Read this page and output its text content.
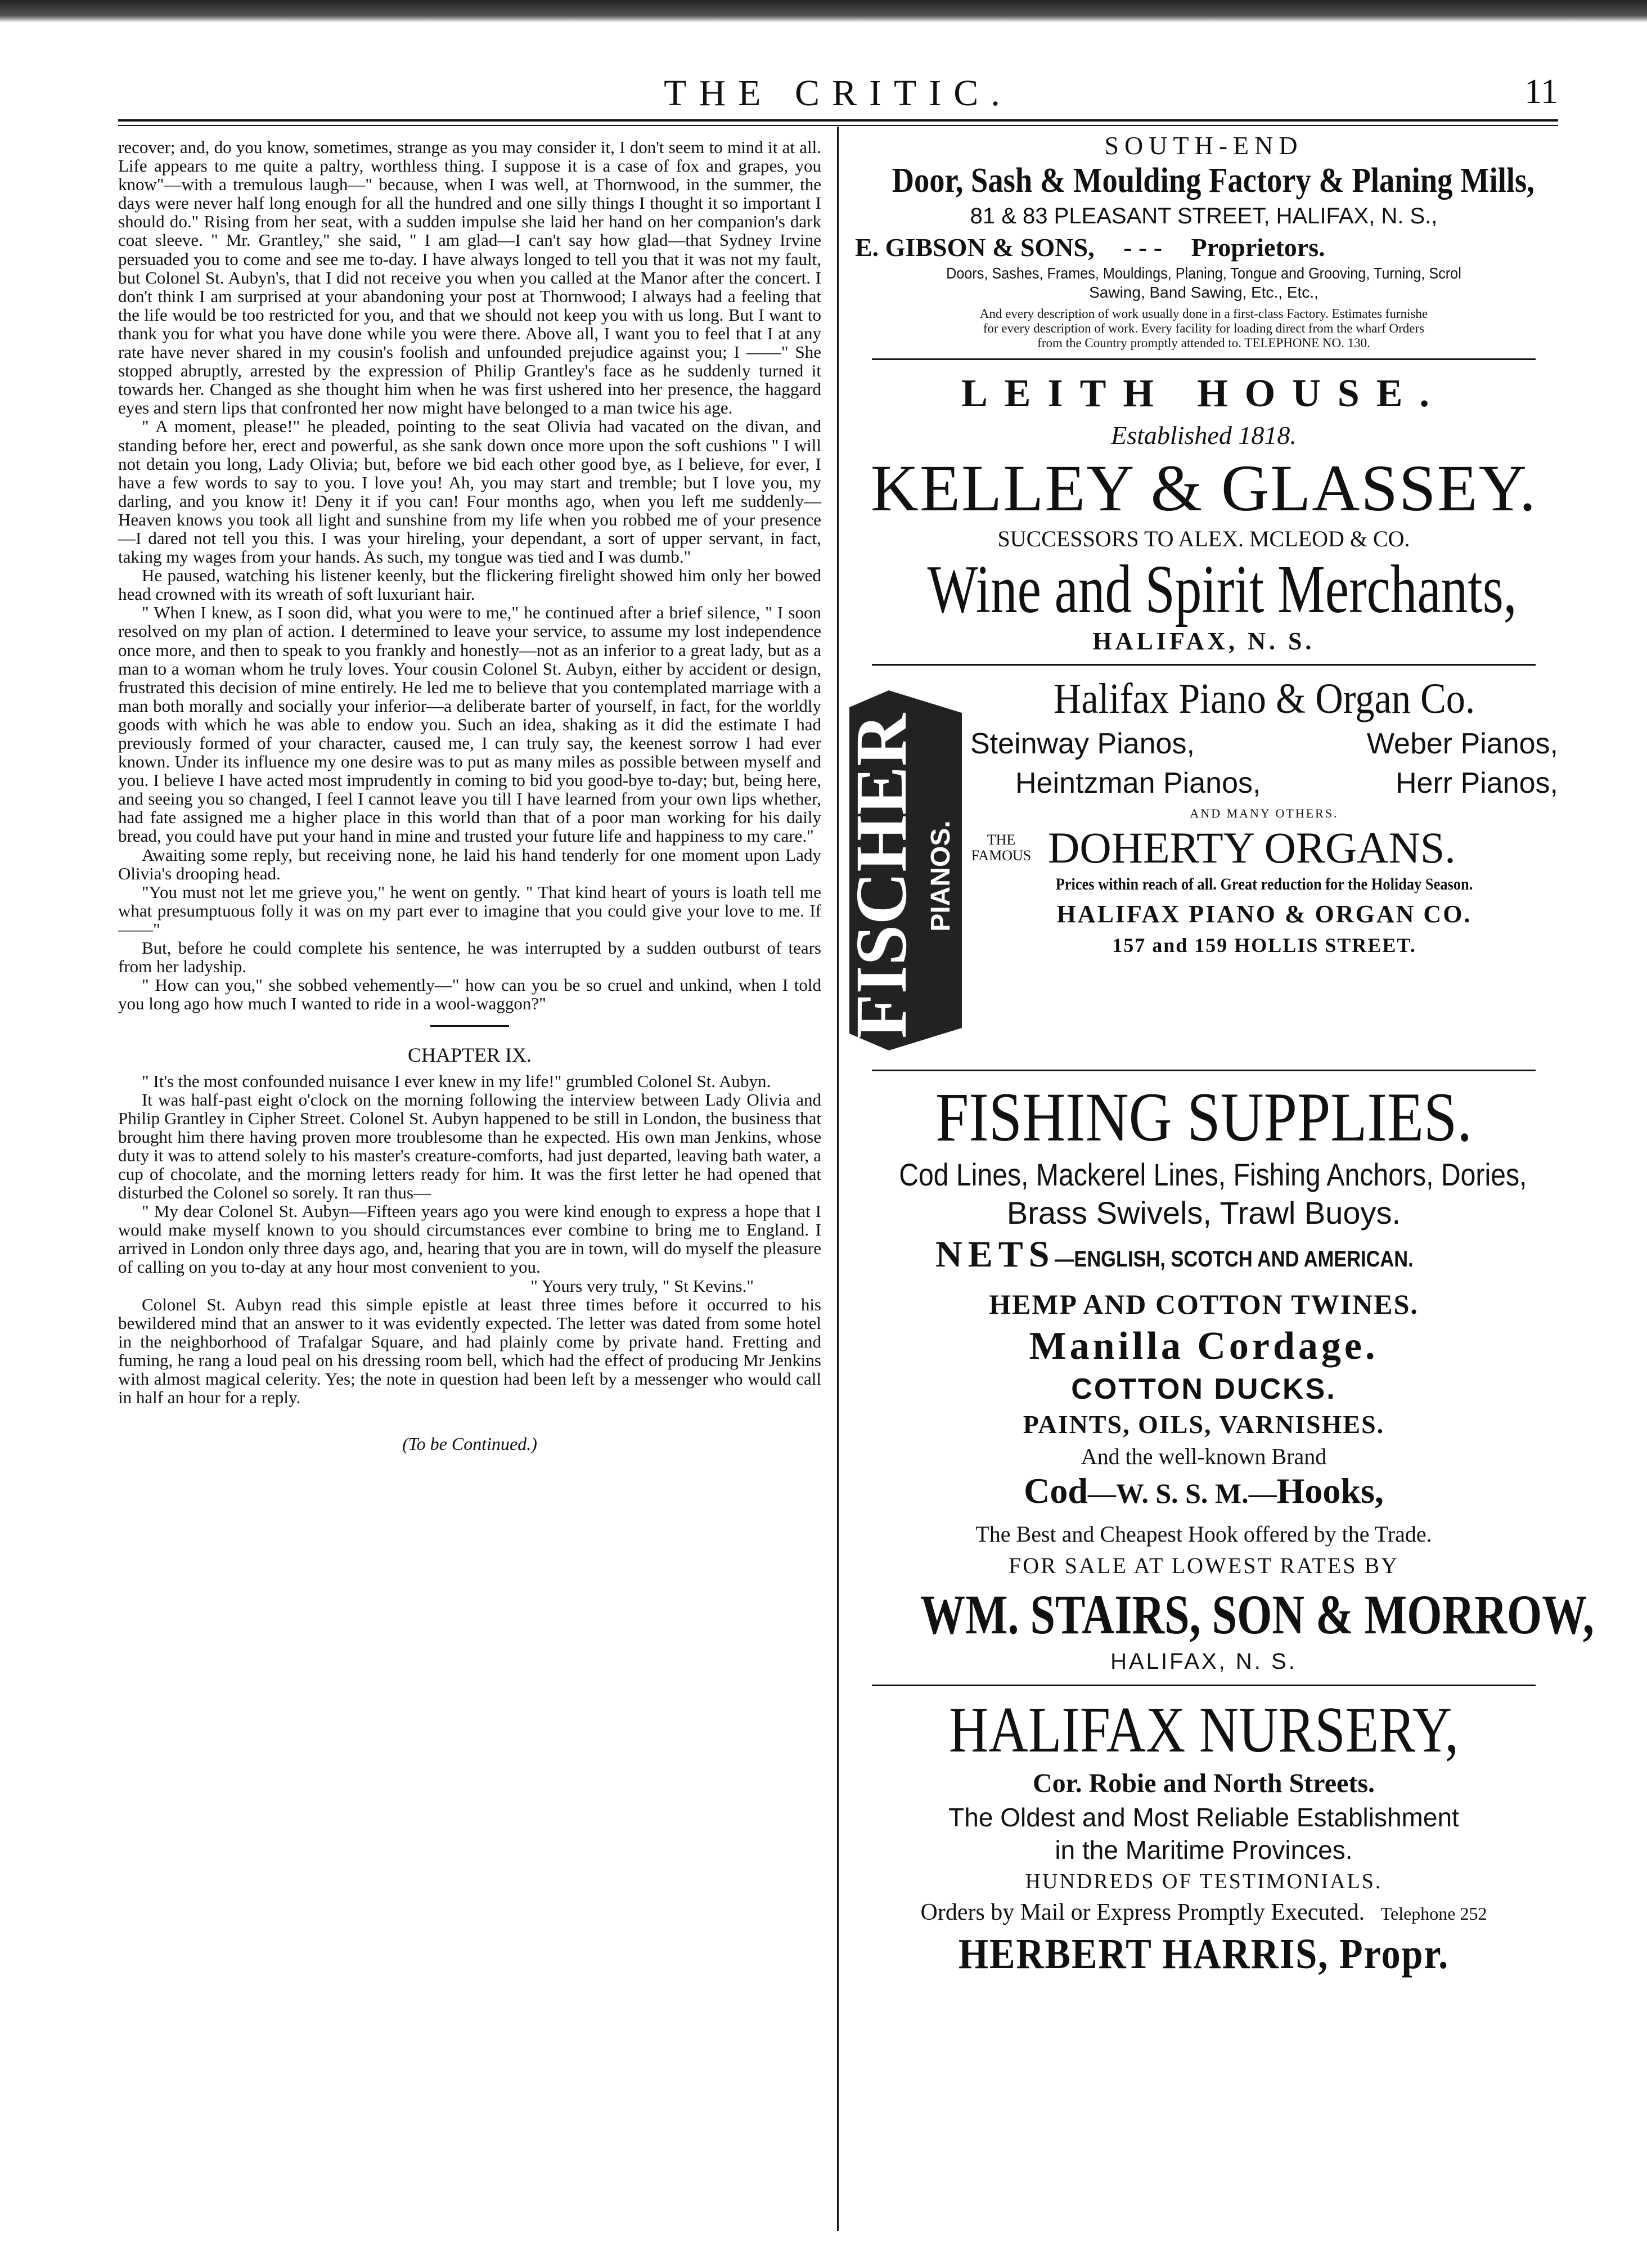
THE CRITIC.	11

recover; and, do you know, sometimes, strange as you may consider it, I don't seem to mind it at all. Life appears to me quite a paltry, worthless thing. I suppose it is a case of fox and grapes, you know"—with a tremulous laugh—" because, when I was well, at Thornwood, in the summer, the days were never half long enough for all the hundred and one silly things I thought it so important I should do." Rising from her seat, with a sudden impulse she laid her hand on her companion's dark coat sleeve. " Mr. Grantley," she said, " I am glad—I can't say how glad—that Sydney Irvine persuaded you to come and see me to-day. I have always longed to tell you that it was not my fault, but Colonel St. Aubyn's, that I did not receive you when you called at the Manor after the concert. I don't think I am surprised at your abandoning your post at Thornwood; I always had a feeling that the life would be too restricted for you, and that we should not keep you with us long. But I want to thank you for what you have done while you were there. Above all, I want you to feel that I at any rate have never shared in my cousin's foolish and unfounded prejudice against you; I ——" She stopped abruptly, arrested by the expression of Philip Grantley's face as he suddenly turned it towards her. Changed as she thought him when he was first ushered into her presence, the haggard eyes and stern lips that confronted her now might have belonged to a man twice his age.

" A moment, please!" he pleaded, pointing to the seat Olivia had vacated on the divan, and standing before her, erect and powerful, as she sank down once more upon the soft cushions " I will not detain you long, Lady Olivia; but, before we bid each other good bye, as I believe, for ever, I have a few words to say to you. I love you! Ah, you may start and tremble; but I love you, my darling, and you know it! Deny it if you can! Four months ago, when you left me suddenly—Heaven knows you took all light and sunshine from my life when you robbed me of your presence—I dared not tell you this. I was your hireling, your dependant, a sort of upper servant, in fact, taking my wages from your hands. As such, my tongue was tied and I was dumb."

He paused, watching his listener keenly, but the flickering firelight showed him only her bowed head crowned with its wreath of soft luxuriant hair.

" When I knew, as I soon did, what you were to me," he continued after a brief silence, " I soon resolved on my plan of action. I determined to leave your service, to assume my lost independence once more, and then to speak to you frankly and honestly—not as an inferior to a great lady, but as a man to a woman whom he truly loves. Your cousin Colonel St. Aubyn, either by accident or design, frustrated this decision of mine entirely. He led me to believe that you contemplated marriage with a man both morally and socially your inferior—a deliberate barter of yourself, in fact, for the worldly goods with which he was able to endow you. Such an idea, shaking as it did the estimate I had previously formed of your character, caused me, I can truly say, the keenest sorrow I had ever known. Under its influence my one desire was to put as many miles as possible between myself and you. I believe I have acted most imprudently in coming to bid you good-bye to-day; but, being here, and seeing you so changed, I feel I cannot leave you till I have learned from your own lips whether, had fate assigned me a higher place in this world than that of a poor man working for his daily bread, you could have put your hand in mine and trusted your future life and happiness to my care."

Awaiting some reply, but receiving none, he laid his hand tenderly for one moment upon Lady Olivia's drooping head.

"You must not let me grieve you," he went on gently. " That kind heart of yours is loath tell me what presumptuous folly it was on my part ever to imagine that you could give your love to me. If ——"

But, before he could complete his sentence, he was interrupted by a sudden outburst of tears from her ladyship.

" How can you," she sobbed vehemently—" how can you be so cruel and unkind, when I told you long ago how much I wanted to ride in a wool-waggon?"

CHAPTER IX.

" It's the most confounded nuisance I ever knew in my life!" grumbled Colonel St. Aubyn.

It was half-past eight o'clock on the morning following the interview between Lady Olivia and Philip Grantley in Cipher Street. Colonel St. Aubyn happened to be still in London, the business that brought him there having proven more troublesome than he expected. His own man Jenkins, whose duty it was to attend solely to his master's creature-comforts, had just departed, leaving bath water, a cup of chocolate, and the morning letters ready for him. It was the first letter he had opened that disturbed the Colonel so sorely. It ran thus—

" My dear Colonel St. Aubyn—Fifteen years ago you were kind enough to express a hope that I would make myself known to you should circumstances ever combine to bring me to England. I arrived in London only three days ago, and, hearing that you are in town, will do myself the pleasure of calling on you to-day at any hour most convenient to you.

" Yours very truly, " St Kevins."

Colonel St. Aubyn read this simple epistle at least three times before it occurred to his bewildered mind that an answer to it was evidently expected. The letter was dated from some hotel in the neighborhood of Trafalgar Square, and had plainly come by private hand. Fretting and fuming, he rang a loud peal on his dressing room bell, which had the effect of producing Mr Jenkins with almost magical celerity. Yes; the note in question had been left by a messenger who would call in half an hour for a reply.

(To be Continued.)

SOUTH-END
Door, Sash & Moulding Factory & Planing Mills,
81 & 83 PLEASANT STREET, HALIFAX, N. S.,
E. GIBSON & SONS, - - - Proprietors.
Doors, Sashes, Frames, Mouldings, Planing, Tongue and Grooving, Turning, Scrol
Sawing, Band Sawing, Etc., Etc.,
And every description of work usually done in a first-class Factory. Estimates furnishe
for every description of work. Every facility for loading direct from the wharf Orders
from the Country promptly attended to. TELEPHONE NO. 130.
LEITH HOUSE.
Established 1818.
KELLEY & GLASSEY.
SUCCESSORS TO ALEX. MCLEOD & CO.
Wine and Spirit Merchants,
HALIFAX, N. S.
FISCHER PIANOS.
Halifax Piano & Organ Co.
Steinway Pianos,	Weber Pianos,
Heintzman Pianos,	Herr Pianos,
AND MANY OTHERS.
THE
FAMOUS DOHERTY ORGANS.
Prices within reach of all. Great reduction for the Holiday Season.
HALIFAX PIANO & ORGAN CO.
157 and 159 HOLLIS STREET.
FISHING SUPPLIES.
Cod Lines, Mackerel Lines, Fishing Anchors, Dories,
Brass Swivels, Trawl Buoys.
NETS—ENGLISH, SCOTCH AND AMERICAN.
HEMP AND COTTON TWINES.
Manilla Cordage.
COTTON DUCKS.
PAINTS, OILS, VARNISHES.
And the well-known Brand
Cod—W. S. S. M.—Hooks,
The Best and Cheapest Hook offered by the Trade.
FOR SALE AT LOWEST RATES BY
WM. STAIRS, SON & MORROW,
HALIFAX, N. S.
HALIFAX NURSERY,
Cor. Robie and North Streets.
The Oldest and Most Reliable Establishment
in the Maritime Provinces.
HUNDREDS OF TESTIMONIALS.
Orders by Mail or Express Promptly Executed. Telephone 252
HERBERT HARRIS, Propr.
